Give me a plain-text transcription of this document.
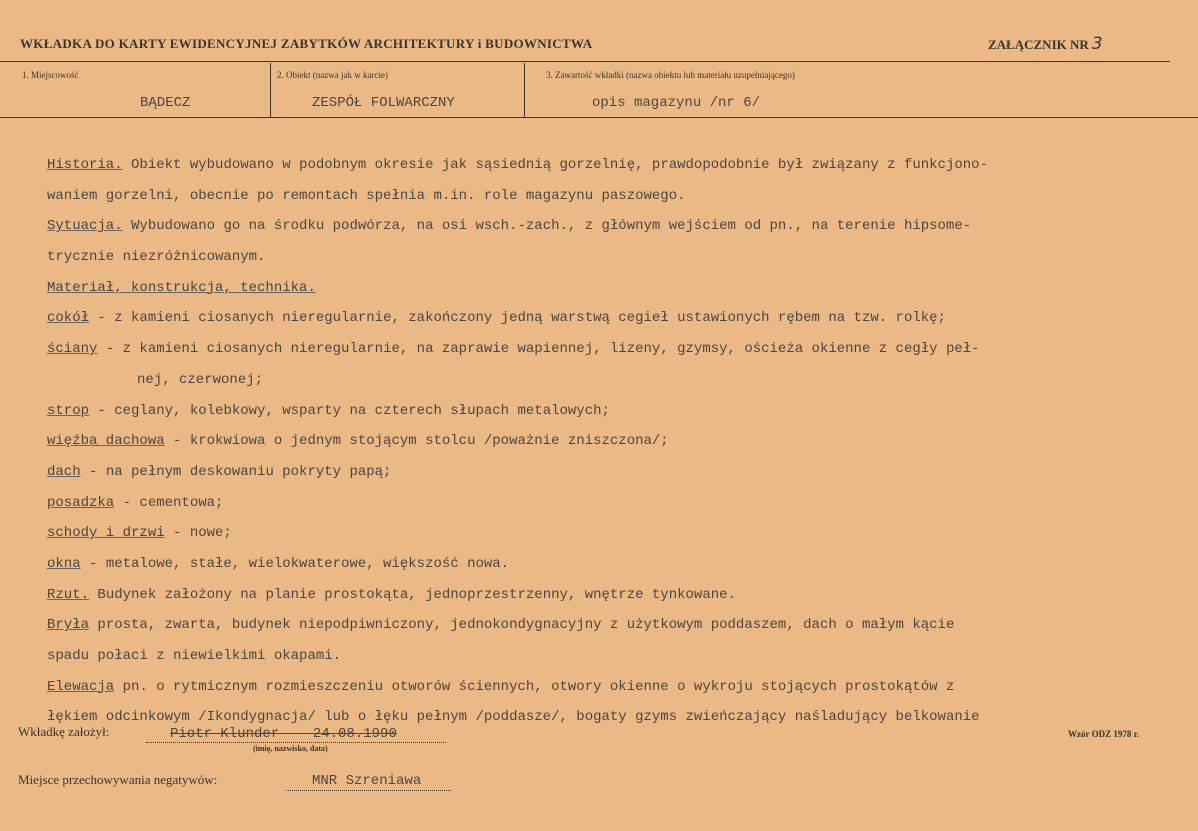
WKŁADKA DO KARTY EWIDENCYJNEJ ZABYTKÓW ARCHITEKTURY i BUDOWNICTWA	ZAŁĄCZNIK NR 3
1. Miejscowość
BĄDECZ
2. Obiekt (nazwa jak w karcie)
ZESPÓŁ FOLWARCZNY
3. Zawartość wkładki (nazwa obiektu lub materiału uzupełniającego)
opis magazynu /nr 6/
Historia. Obiekt wybudowano w podobnym okresie jak sąsiednią gorzelnię, prawdopodobnie był związany z funkcjono-
waniem gorzelni, obecnie po remontach spełnia m.in. role magazynu paszowego.
Sytuacja. Wybudowano go na środku podwórza, na osi wsch.-zach., z głównym wejściem od pn., na terenie hipsome-
trycznie niezróżnicowanym.
Materiał, konstrukcja, technika.
cokół - z kamieni ciosanych nieregularnie, zakończony jedną warstwą cegieł ustawionych rębem na tzw. rolkę;
ściany - z kamieni ciosanych nieregularnie, na zaprawie wapiennej, lizeny, gzymsy, ościeża okienne z cegły peł-
nej, czerwonej;
strop - ceglany, kolebkowy, wsparty na czterech słupach metalowych;
więźba dachowa - krokwiowa o jednym stojącym stolcu /poważnie zniszczona/;
dach - na pełnym deskowaniu pokryty papą;
posadzka - cementowa;
schody i drzwi - nowe;
okna - metalowe, stałe, wielokwaterowe, większość nowa.
Rzut. Budynek założony na planie prostokąta, jednoprzestrzenny, wnętrze tynkowane.
Bryła prosta, zwarta, budynek niepodpiwniczony, jednokondygnacyjny z użytkowym poddaszem, dach o małym kącie
spadu połaci z niewielkimi okapami.
Elewacja pn. o rytmicznym rozmieszczeniu otworów ściennych, otwory okienne o wykroju stojących prostokątów z
łękiem odcinkowym /Ikondygnacja/ lub o łęku pełnym /poddasze/, bogaty gzyms zwieńczający naśladujący belkowanie
Wkładkę założył:	Piotr Klunder 24.08.1990
(imię, nazwisko, data)
Wzór ODZ 1978 r.
Miejsce przechowywania negatywów:	MNR Szreniawa
